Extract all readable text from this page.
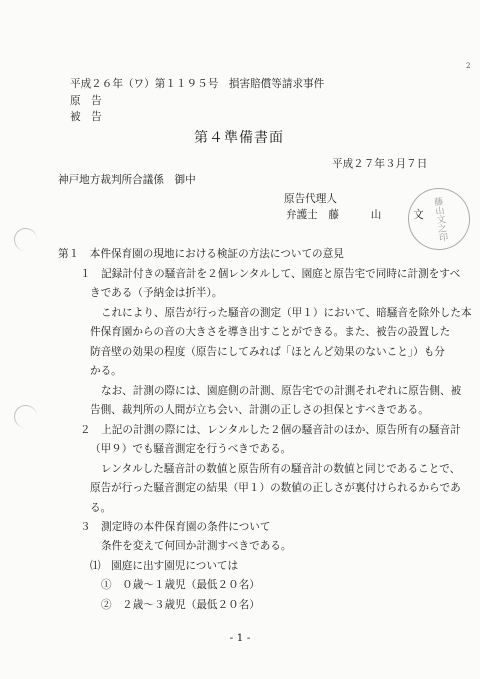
2
平成２６年（ワ）第１１９５号　損害賠償等請求事件
原　告
被　告
第４準備書面
平成２７年３月７日
神戸地方裁判所合議係　御中
原告代理人
弁護士　藤　　　山　　　文 藤山文之印
第１　本件保育園の現地における検証の方法についての意見
１　記録計付きの騒音計を２個レンタルして、園庭と原告宅で同時に計測をすべ
きである（予納金は折半）。
これにより、原告が行った騒音の測定（甲１）において、暗騒音を除外した本
件保育園からの音の大きさを導き出すことができる。また、被告の設置した
防音壁の効果の程度（原告にしてみれば「ほとんど効果のないこと」）も分
かる。
なお、計測の際には、園庭側の計測、原告宅での計測それぞれに原告側、被
告側、裁判所の人間が立ち会い、計測の正しさの担保とすべきである。
２　上記の計測の際には、レンタルした２個の騒音計のほか、原告所有の騒音計
（甲９）でも騒音測定を行うべきである。
レンタルした騒音計の数値と原告所有の騒音計の数値と同じであることで、
原告が行った騒音測定の結果（甲１）の数値の正しさが裏付けられるからであ
る。
３　測定時の本件保育園の条件について
条件を変えて何回か計測すべきである。
⑴　園庭に出す園児については
①　０歳～１歳児（最低２０名）
②　２歳～３歳児（最低２０名）
- 1 -
